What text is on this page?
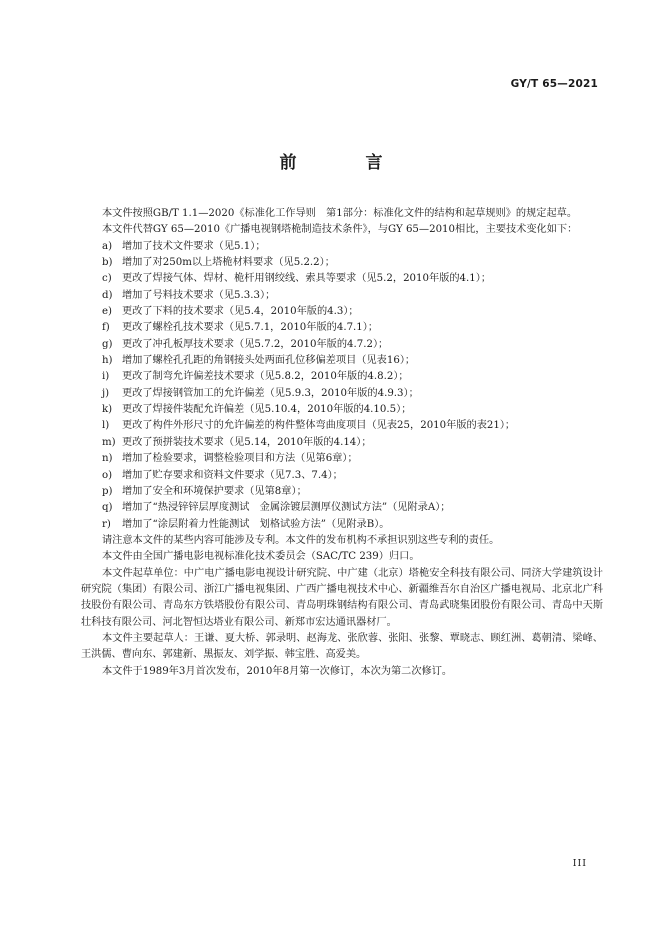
GY/T 65—2021
前　言

本文件按照GB/T 1.1—2020《标准化工作导则　第1部分：标准化文件的结构和起草规则》的规定起草。

本文件代替GY 65—2010《广播电视钢塔桅制造技术条件》，与GY 65—2010相比，主要技术变化如下：

a) 增加了技术文件要求（见5.1）；

b) 增加了对250m以上塔桅材料要求（见5.2.2）；

c) 更改了焊接气体、焊材、桅杆用钢绞线、索具等要求（见5.2，2010年版的4.1）；

d) 增加了号料技术要求（见5.3.3）；

e) 更改了下料的技术要求（见5.4，2010年版的4.3）；

f) 更改了螺栓孔技术要求（见5.7.1，2010年版的4.7.1）；

g) 更改了冲孔板厚技术要求（见5.7.2，2010年版的4.7.2）；

h) 增加了螺栓孔孔距的角钢接头处两面孔位移偏差项目（见表16）；

i) 更改了制弯允许偏差技术要求（见5.8.2，2010年版的4.8.2）；

j) 更改了焊接钢管加工的允许偏差（见5.9.3，2010年版的4.9.3）；

k) 更改了焊接件装配允许偏差（见5.10.4，2010年版的4.10.5）；

l) 更改了构件外形尺寸的允许偏差的构件整体弯曲度项目（见表25，2010年版的表21）；

m) 更改了预拼装技术要求（见5.14，2010年版的4.14）；

n) 增加了检验要求，调整检验项目和方法（见第6章）；

o) 增加了贮存要求和资料文件要求（见7.3、7.4）；

p) 增加了安全和环境保护要求（见第8章）；

q) 增加了“热浸锌锌层厚度测试　金属涂镀层测厚仪测试方法”（见附录A）；

r) 增加了“涂层附着力性能测试　划格试验方法”（见附录B）。

请注意本文件的某些内容可能涉及专利。本文件的发布机构不承担识别这些专利的责任。

本文件由全国广播电影电视标准化技术委员会（SAC/TC 239）归口。

本文件起草单位：中广电广播电影电视设计研究院、中广建（北京）塔桅安全科技有限公司、同济大学建筑设计研究院（集团）有限公司、浙江广播电视集团、广西广播电视技术中心、新疆维吾尔自治区广播电视局、北京北广科技股份有限公司、青岛东方铁塔股份有限公司、青岛明珠钢结构有限公司、青岛武晓集团股份有限公司、青岛中天斯壮科技有限公司、河北智恒达塔业有限公司、新郑市宏达通讯器材厂。

本文件主要起草人：王谦、夏大桥、郭录明、赵海龙、张欣蓉、张阳、张黎、覃晓志、顾红洲、葛朝清、梁峰、王洪儒、曹向东、郭建新、黑振友、刘学振、韩宝胜、高爱美。

本文件于1989年3月首次发布，2010年8月第一次修订，本次为第二次修订。

III
